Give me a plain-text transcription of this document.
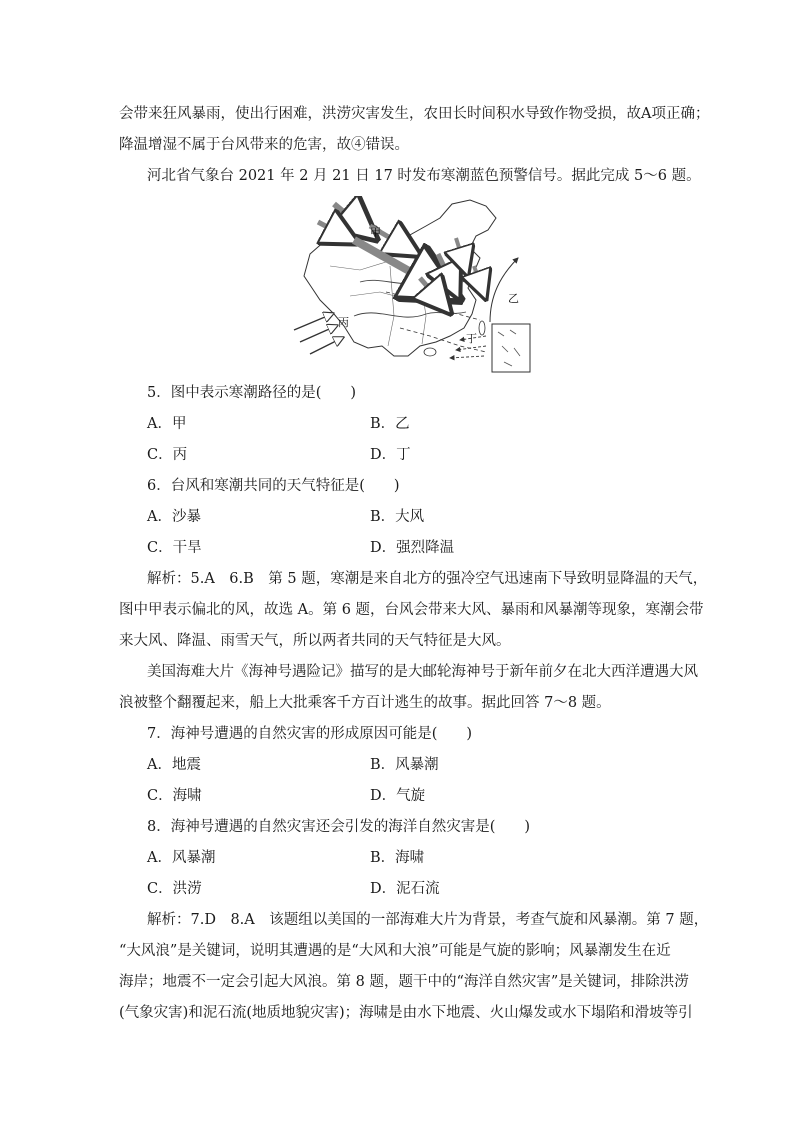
会带来狂风暴雨，使出行困难，洪涝灾害发生，农田长时间积水导致作物受损，故A项正确；
降温增湿不属于台风带来的危害，故④错误。
河北省气象台 2021 年 2 月 21 日 17 时发布寒潮蓝色预警信号。据此完成 5～6 题。
甲
乙
丙
丁
5．图中表示寒潮路径的是(　　)
A．甲	B．乙
C．丙	D．丁
6．台风和寒潮共同的天气特征是(　　)
A．沙暴	B．大风
C．干旱	D．强烈降温
解析：5.A　6.B　第 5 题，寒潮是来自北方的强冷空气迅速南下导致明显降温的天气，
图中甲表示偏北的风，故选 A。第 6 题，台风会带来大风、暴雨和风暴潮等现象，寒潮会带
来大风、降温、雨雪天气，所以两者共同的天气特征是大风。
美国海难大片《海神号遇险记》描写的是大邮轮海神号于新年前夕在北大西洋遭遇大风
浪被整个翻覆起来，船上大批乘客千方百计逃生的故事。据此回答 7～8 题。
7．海神号遭遇的自然灾害的形成原因可能是(　　)
A．地震	B．风暴潮
C．海啸	D．气旋
8．海神号遭遇的自然灾害还会引发的海洋自然灾害是(　　)
A．风暴潮	B．海啸
C．洪涝	D．泥石流
解析：7.D　8.A　该题组以美国的一部海难大片为背景，考查气旋和风暴潮。第 7 题，
“大风浪”是关键词，说明其遭遇的是“大风和大浪”可能是气旋的影响；风暴潮发生在近
海岸；地震不一定会引起大风浪。第 8 题，题干中的“海洋自然灾害”是关键词，排除洪涝
(气象灾害)和泥石流(地质地貌灾害)；海啸是由水下地震、火山爆发或水下塌陷和滑坡等引
